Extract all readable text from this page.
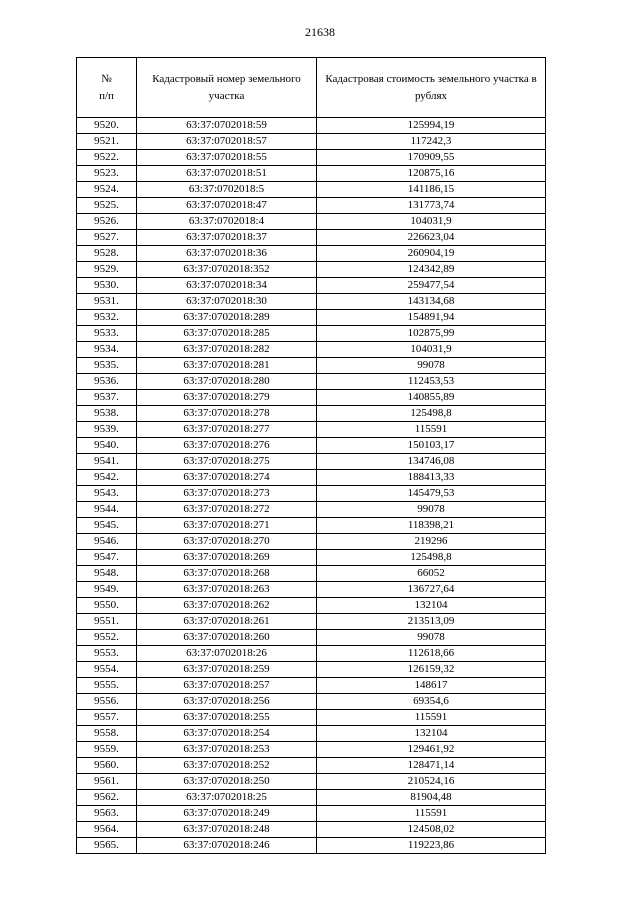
21638
№
п/п	Кадастровый номер земельного участка	Кадастровая стоимость земельного участка в рублях
9520.	63:37:0702018:59	125994,19
9521.	63:37:0702018:57	117242,3
9522.	63:37:0702018:55	170909,55
9523.	63:37:0702018:51	120875,16
9524.	63:37:0702018:5	141186,15
9525.	63:37:0702018:47	131773,74
9526.	63:37:0702018:4	104031,9
9527.	63:37:0702018:37	226623,04
9528.	63:37:0702018:36	260904,19
9529.	63:37:0702018:352	124342,89
9530.	63:37:0702018:34	259477,54
9531.	63:37:0702018:30	143134,68
9532.	63:37:0702018:289	154891,94
9533.	63:37:0702018:285	102875,99
9534.	63:37:0702018:282	104031,9
9535.	63:37:0702018:281	99078
9536.	63:37:0702018:280	112453,53
9537.	63:37:0702018:279	140855,89
9538.	63:37:0702018:278	125498,8
9539.	63:37:0702018:277	115591
9540.	63:37:0702018:276	150103,17
9541.	63:37:0702018:275	134746,08
9542.	63:37:0702018:274	188413,33
9543.	63:37:0702018:273	145479,53
9544.	63:37:0702018:272	99078
9545.	63:37:0702018:271	118398,21
9546.	63:37:0702018:270	219296
9547.	63:37:0702018:269	125498,8
9548.	63:37:0702018:268	66052
9549.	63:37:0702018:263	136727,64
9550.	63:37:0702018:262	132104
9551.	63:37:0702018:261	213513,09
9552.	63:37:0702018:260	99078
9553.	63:37:0702018:26	112618,66
9554.	63:37:0702018:259	126159,32
9555.	63:37:0702018:257	148617
9556.	63:37:0702018:256	69354,6
9557.	63:37:0702018:255	115591
9558.	63:37:0702018:254	132104
9559.	63:37:0702018:253	129461,92
9560.	63:37:0702018:252	128471,14
9561.	63:37:0702018:250	210524,16
9562.	63:37:0702018:25	81904,48
9563.	63:37:0702018:249	115591
9564.	63:37:0702018:248	124508,02
9565.	63:37:0702018:246	119223,86
